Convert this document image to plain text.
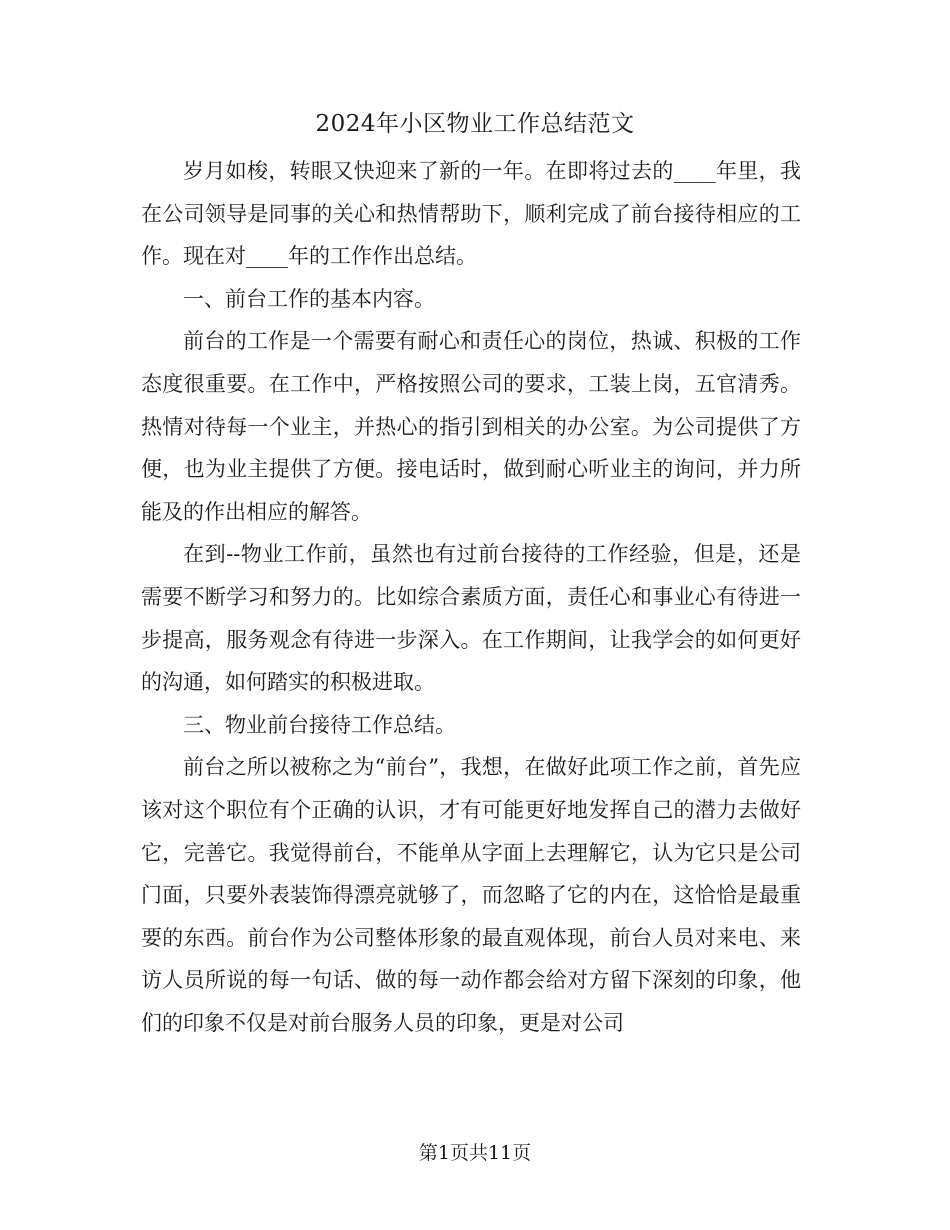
2024年小区物业工作总结范文

岁月如梭，转眼又快迎来了新的一年。在即将过去的____年里，我在公司领导是同事的关心和热情帮助下，顺利完成了前台接待相应的工作。现在对____年的工作作出总结。

一、前台工作的基本内容。

前台的工作是一个需要有耐心和责任心的岗位，热诚、积极的工作态度很重要。在工作中，严格按照公司的要求，工装上岗，五官清秀。热情对待每一个业主，并热心的指引到相关的办公室。为公司提供了方便，也为业主提供了方便。接电话时，做到耐心听业主的询问，并力所能及的作出相应的解答。

在到--物业工作前，虽然也有过前台接待的工作经验，但是，还是需要不断学习和努力的。比如综合素质方面，责任心和事业心有待进一步提高，服务观念有待进一步深入。在工作期间，让我学会的如何更好的沟通，如何踏实的积极进取。

三、物业前台接待工作总结。

前台之所以被称之为“前台”，我想，在做好此项工作之前，首先应该对这个职位有个正确的认识，才有可能更好地发挥自己的潜力去做好它，完善它。我觉得前台，不能单从字面上去理解它，认为它只是公司门面，只要外表装饰得漂亮就够了，而忽略了它的内在，这恰恰是最重要的东西。前台作为公司整体形象的最直观体现，前台人员对来电、来访人员所说的每一句话、做的每一动作都会给对方留下深刻的印象，他们的印象不仅是对前台服务人员的印象，更是对公司

第1页共11页
